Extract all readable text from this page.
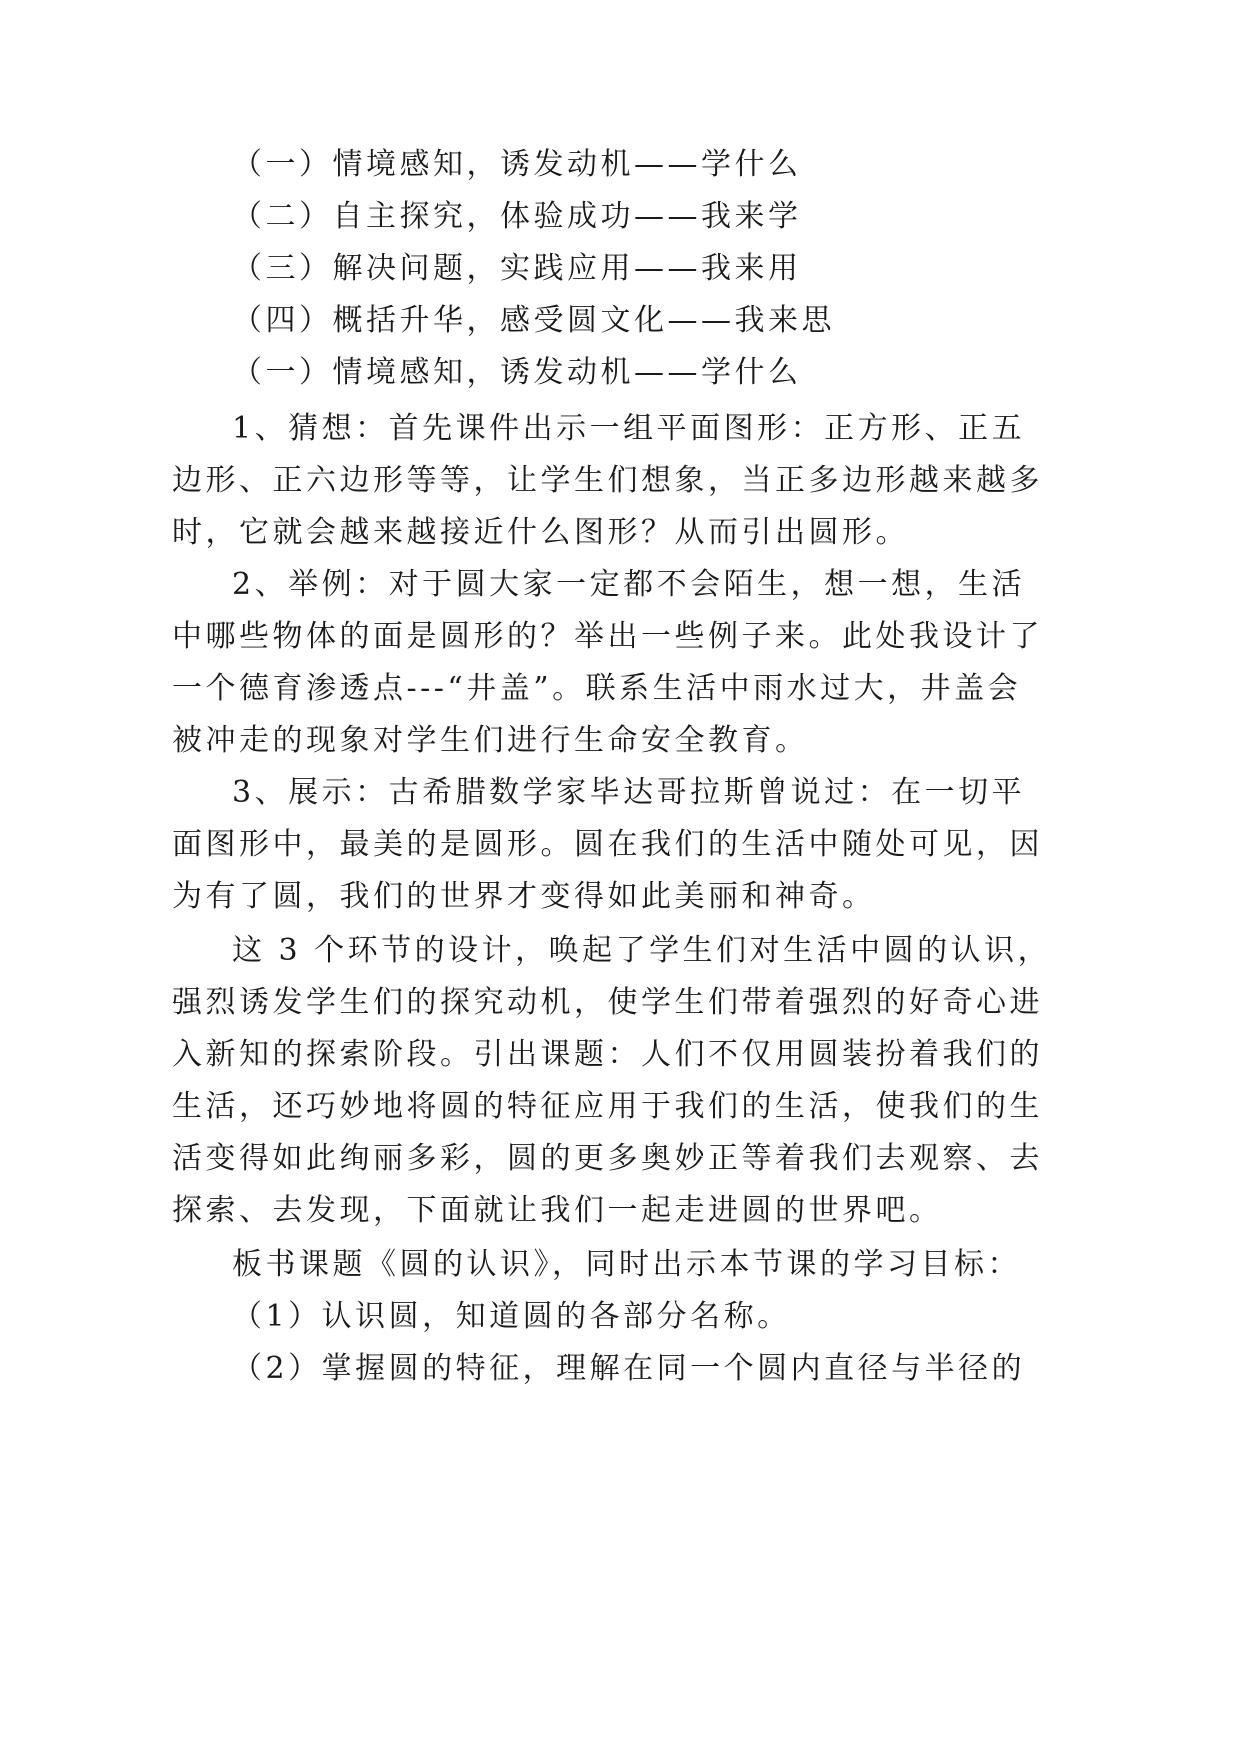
（一）情境感知，诱发动机——学什么
（二）自主探究，体验成功——我来学
（三）解决问题，实践应用——我来用
（四）概括升华，感受圆文化——我来思
（一）情境感知，诱发动机——学什么
1、猜想：首先课件出示一组平面图形：正方形、正五
边形、正六边形等等，让学生们想象，当正多边形越来越多
时，它就会越来越接近什么图形？从而引出圆形。
2、举例：对于圆大家一定都不会陌生，想一想，生活
中哪些物体的面是圆形的？举出一些例子来。此处我设计了
一个德育渗透点---“井盖”。联系生活中雨水过大，井盖会
被冲走的现象对学生们进行生命安全教育。
3、展示：古希腊数学家毕达哥拉斯曾说过：在一切平
面图形中，最美的是圆形。圆在我们的生活中随处可见，因
为有了圆，我们的世界才变得如此美丽和神奇。
这 3 个环节的设计，唤起了学生们对生活中圆的认识，
强烈诱发学生们的探究动机，使学生们带着强烈的好奇心进
入新知的探索阶段。引出课题：人们不仅用圆装扮着我们的
生活，还巧妙地将圆的特征应用于我们的生活，使我们的生
活变得如此绚丽多彩，圆的更多奥妙正等着我们去观察、去
探索、去发现，下面就让我们一起走进圆的世界吧。
板书课题《圆的认识》，同时出示本节课的学习目标：
（1）认识圆，知道圆的各部分名称。
（2）掌握圆的特征，理解在同一个圆内直径与半径的
